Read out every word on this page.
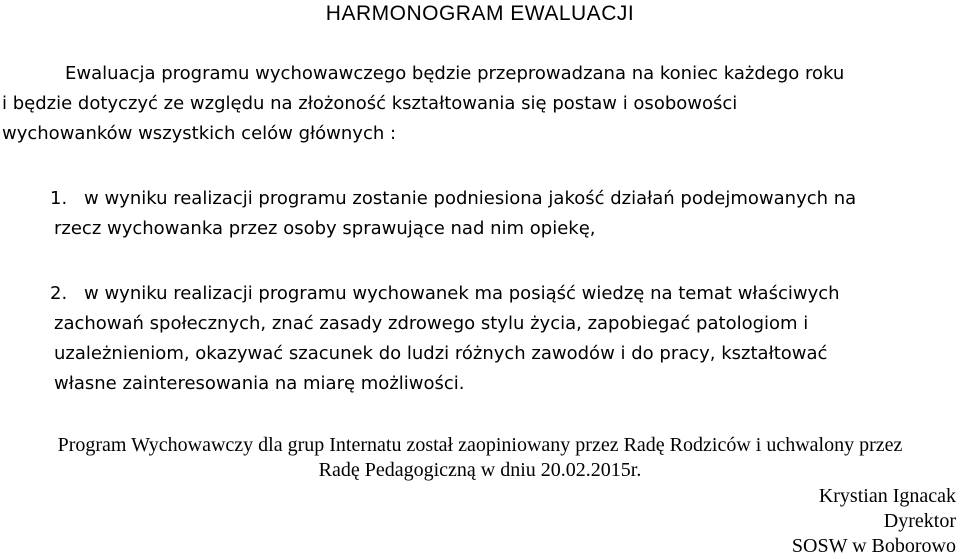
HARMONOGRAM EWALUACJI
Ewaluacja programu wychowawczego będzie przeprowadzana na koniec każdego roku
i będzie dotyczyć ze względu na złożoność kształtowania się postaw i osobowości
wychowanków wszystkich celów głównych :
1. w wyniku realizacji programu zostanie podniesiona jakość działań podejmowanych na
rzecz wychowanka przez osoby sprawujące nad nim opiekę,
2. w wyniku realizacji programu wychowanek ma posiąść wiedzę na temat właściwych
zachowań społecznych, znać zasady zdrowego stylu życia, zapobiegać patologiom i
uzależnieniom, okazywać szacunek do ludzi różnych zawodów i do pracy, kształtować
własne zainteresowania na miarę możliwości.
Program Wychowawczy dla grup Internatu został zaopiniowany przez Radę Rodziców i uchwalony przez
Radę Pedagogiczną w dniu 20.02.2015r.
Krystian Ignacak
Dyrektor
SOSW w Boborowo
